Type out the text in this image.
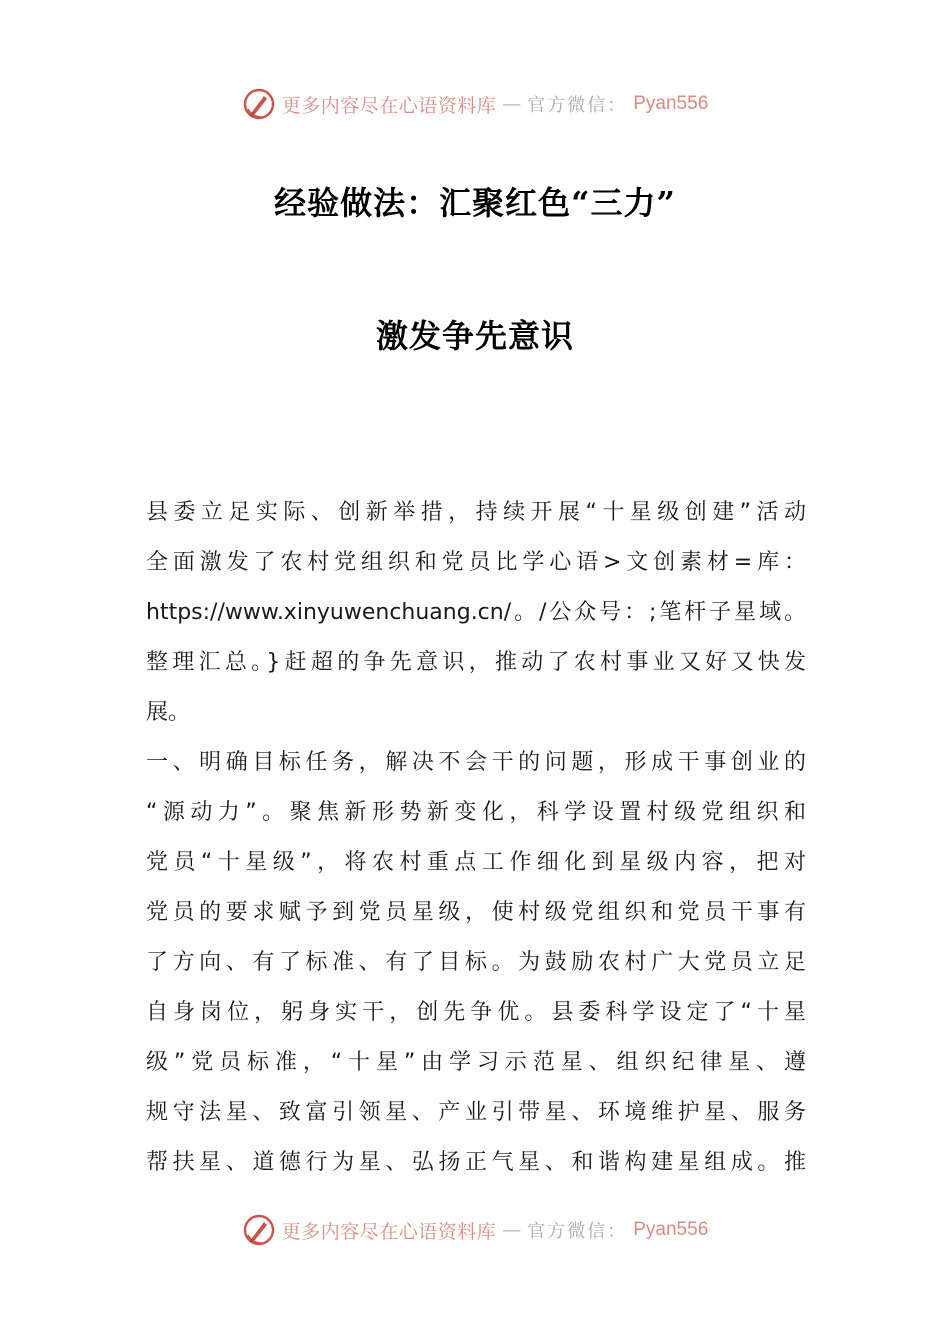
更多内容尽在心语资料库 — 官方微信： Pyan556
经验做法：汇聚红色“三力”
激发争先意识
县委立足实际、创新举措，持续开展“十星级创建”活动
全面激发了农村党组织和党员比学心语>文创素材=库：
https://www.xinyuwenchuang.cn/。/公众号：;笔杆子星域。
整理汇总。}赶超的争先意识，推动了农村事业又好又快发
展。
一、明确目标任务，解决不会干的问题，形成干事创业的
“源动力”。聚焦新形势新变化，科学设置村级党组织和
党员“十星级”，将农村重点工作细化到星级内容，把对
党员的要求赋予到党员星级，使村级党组织和党员干事有
了方向、有了标准、有了目标。为鼓励农村广大党员立足
自身岗位，躬身实干，创先争优。县委科学设定了“十星
级”党员标准，“十星”由学习示范星、组织纪律星、遵
规守法星、致富引领星、产业引带星、环境维护星、服务
帮扶星、道德行为星、弘扬正气星、和谐构建星组成。推
更多内容尽在心语资料库 — 官方微信： Pyan556
